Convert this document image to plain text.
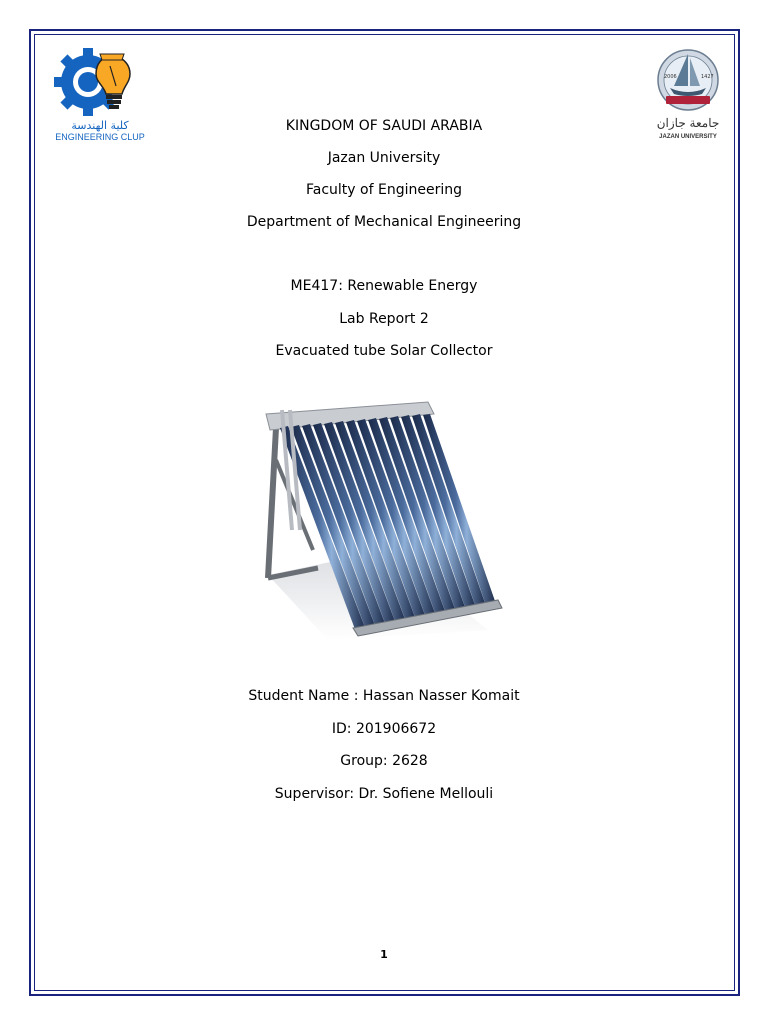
كلية الهندسة
ENGINEERING CLUP
2006	1427
جامعة جازان
JAZAN UNIVERSITY
KINGDOM OF SAUDI ARABIA
Jazan University
Faculty of Engineering
Department of Mechanical Engineering
ME417: Renewable Energy
Lab Report 2
Evacuated tube Solar Collector
Student Name : Hassan Nasser Komait
ID: 201906672
Group: 2628
Supervisor: Dr. Sofiene Mellouli
1
